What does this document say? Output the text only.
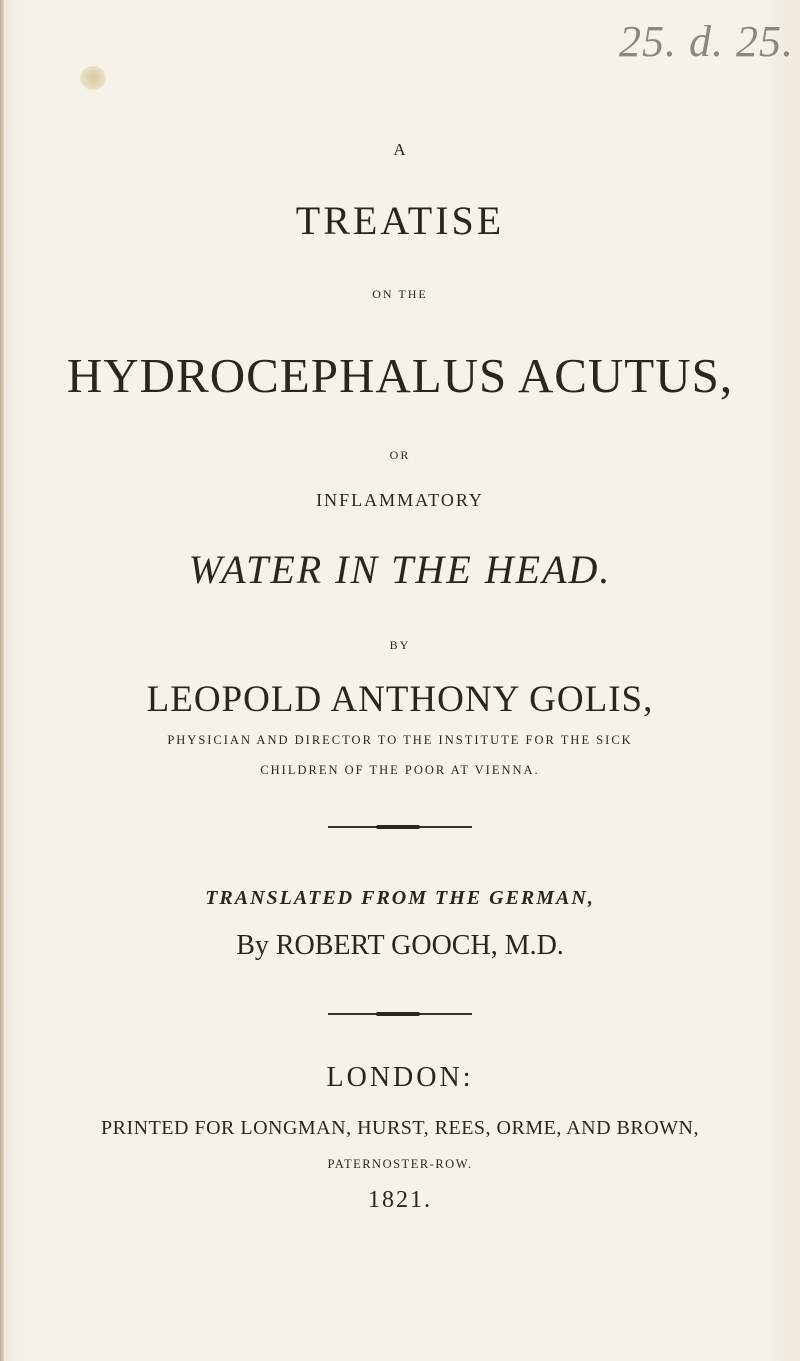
25. d. 25.
A
TREATISE
ON THE
HYDROCEPHALUS ACUTUS,
OR
INFLAMMATORY
WATER IN THE HEAD.
BY
LEOPOLD ANTHONY GOLIS,
PHYSICIAN AND DIRECTOR TO THE INSTITUTE FOR THE SICK
CHILDREN OF THE POOR AT VIENNA.
TRANSLATED FROM THE GERMAN,
By ROBERT GOOCH, M.D.
LONDON:
PRINTED FOR LONGMAN, HURST, REES, ORME, AND BROWN,
PATERNOSTER-ROW.
1821.
